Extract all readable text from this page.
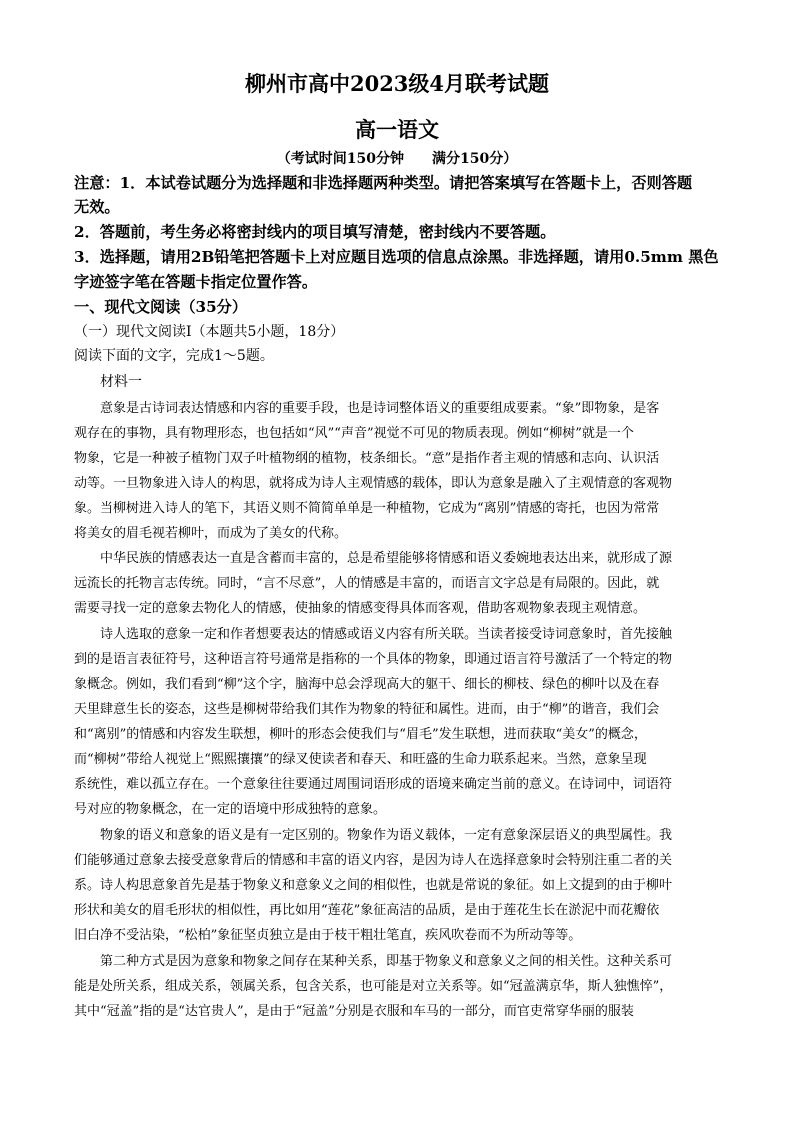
柳州市高中2023级4月联考试题
高一语文
（考试时间150分钟 满分150分）
注意：1．本试卷试题分为选择题和非选择题两种类型。请把答案填写在答题卡上，否则答题
无效。
2．答题前，考生务必将密封线内的项目填写清楚，密封线内不要答题。
3．选择题，请用2B铅笔把答题卡上对应题目选项的信息点涂黑。非选择题，请用0.5mm 黑色
字迹签字笔在答题卡指定位置作答。
一、现代文阅读（35分）
（一）现代文阅读Ⅰ（本题共5小题，18分）
阅读下面的文字，完成1～5题。
材料一
　　意象是古诗词表达情感和内容的重要手段，也是诗词整体语义的重要组成要素。“象”即物象，是客
观存在的事物，具有物理形态，也包括如“风”“声音”视觉不可见的物质表现。例如“柳树”就是一个
物象，它是一种被子植物门双子叶植物纲的植物，枝条细长。“意”是指作者主观的情感和志向、认识活
动等。一旦物象进入诗人的构思，就将成为诗人主观情感的载体，即认为意象是融入了主观情意的客观物
象。当柳树进入诗人的笔下，其语义则不简简单单是一种植物，它成为“离别”情感的寄托，也因为常常
将美女的眉毛视若柳叶，而成为了美女的代称。
　　中华民族的情感表达一直是含蓄而丰富的，总是希望能够将情感和语义委婉地表达出来，就形成了源
远流长的托物言志传统。同时，“言不尽意”，人的情感是丰富的，而语言文字总是有局限的。因此，就
需要寻找一定的意象去物化人的情感，使抽象的情感变得具体而客观，借助客观物象表现主观情意。
　　诗人选取的意象一定和作者想要表达的情感或语义内容有所关联。当读者接受诗词意象时，首先接触
到的是语言表征符号，这种语言符号通常是指称的一个具体的物象，即通过语言符号激活了一个特定的物
象概念。例如，我们看到“柳”这个字，脑海中总会浮现高大的躯干、细长的柳枝、绿色的柳叶以及在春
天里肆意生长的姿态，这些是柳树带给我们其作为物象的特征和属性。进而，由于“柳”的谐音，我们会
和“离别”的情感和内容发生联想，柳叶的形态会使我们与“眉毛”发生联想，进而获取“美女”的概念，
而“柳树”带给人视觉上“熙熙攘攘”的绿叉使读者和春天、和旺盛的生命力联系起来。当然，意象呈现
系统性，难以孤立存在。一个意象往往要通过周围词语形成的语境来确定当前的意义。在诗词中，词语符
号对应的物象概念，在一定的语境中形成独特的意象。
　　物象的语义和意象的语义是有一定区别的。物象作为语义载体，一定有意象深层语义的典型属性。我
们能够通过意象去接受意象背后的情感和丰富的语义内容，是因为诗人在选择意象时会特别注重二者的关
系。诗人构思意象首先是基于物象义和意象义之间的相似性，也就是常说的象征。如上文提到的由于柳叶
形状和美女的眉毛形状的相似性，再比如用“莲花”象征高洁的品质，是由于莲花生长在淤泥中而花瓣依
旧白净不受沾染，“松柏”象征坚贞独立是由于枝干粗壮笔直，疾风吹卷而不为所动等等。
　　第二种方式是因为意象和物象之间存在某种关系，即基于物象义和意象义之间的相关性。这种关系可
能是处所关系，组成关系，领属关系，包含关系，也可能是对立关系等。如“冠盖满京华，斯人独憔悴”，
其中“冠盖”指的是“达官贵人”，是由于“冠盖”分别是衣服和车马的一部分，而官吏常穿华丽的服装
